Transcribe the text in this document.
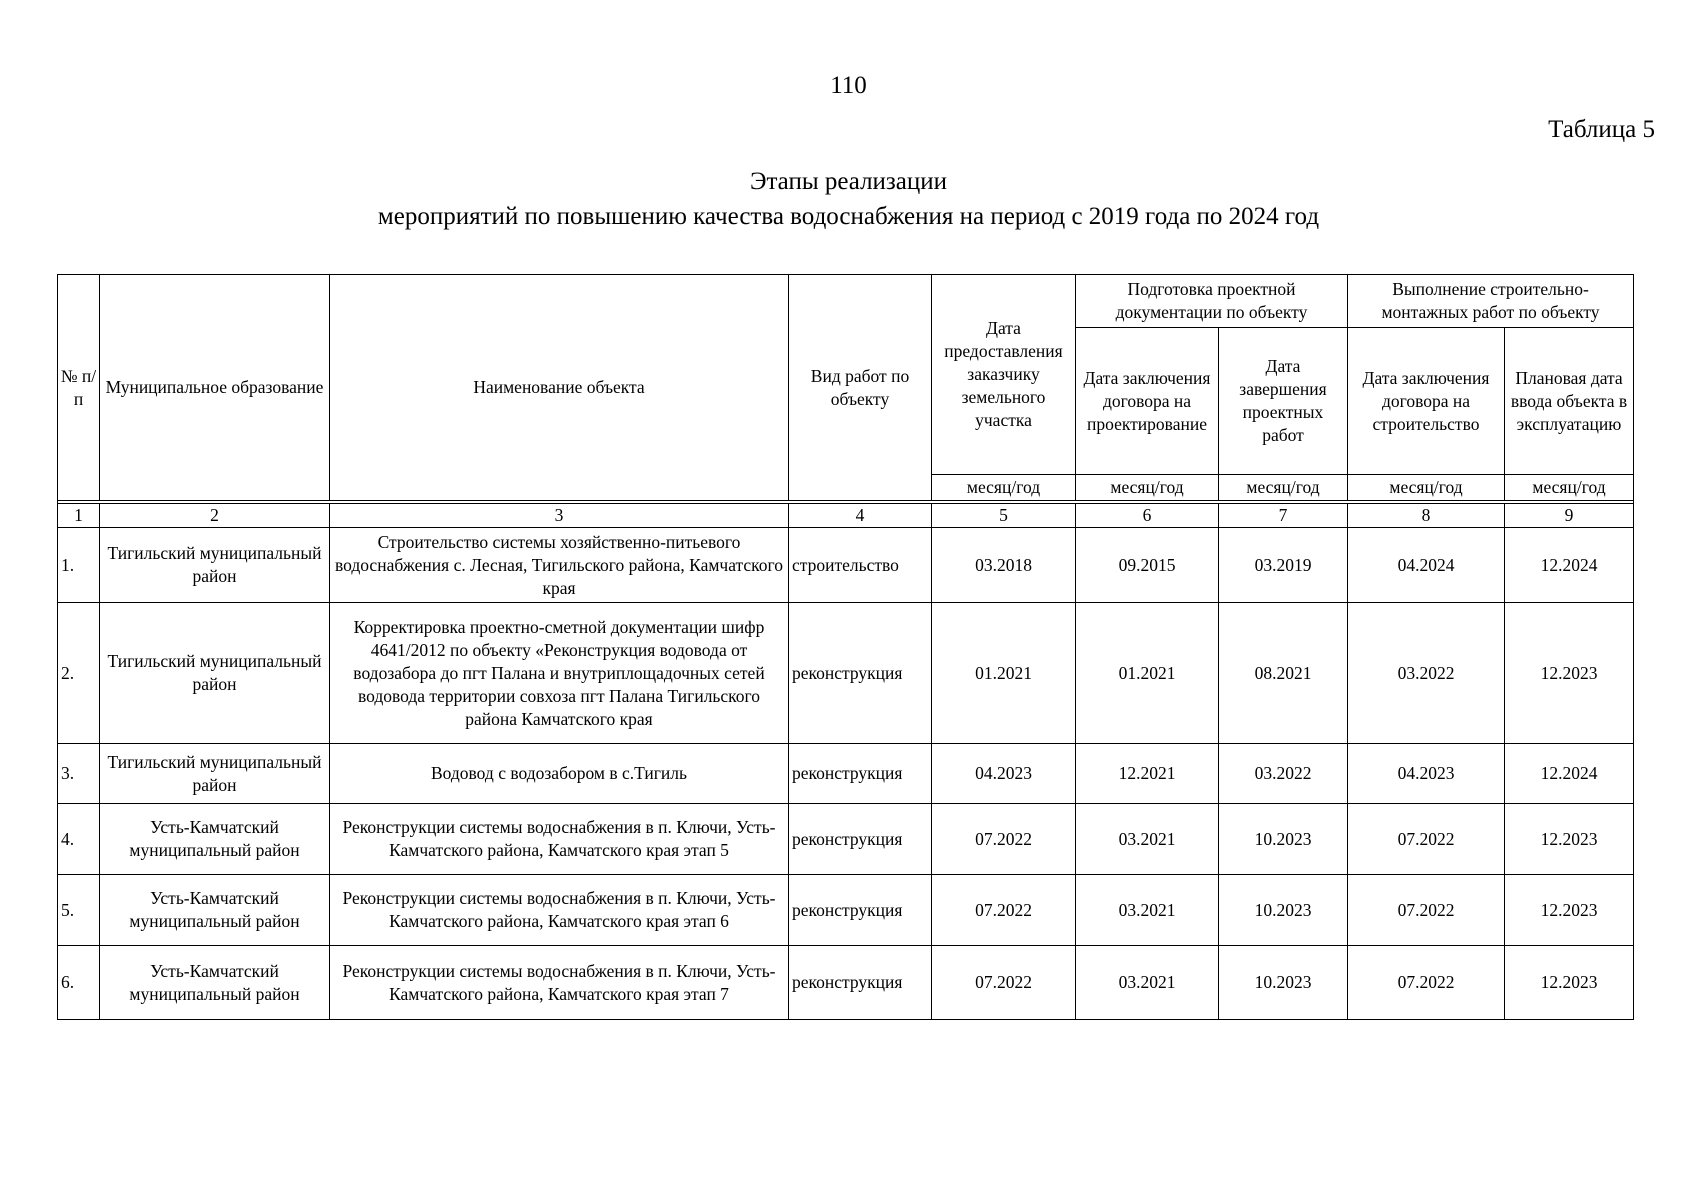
110
Таблица 5
Этапы реализации
мероприятий по повышению качества водоснабжения на период с 2019 года по 2024 год
№ п/п	Муниципальное образование	Наименование объекта	Вид работ по объекту	Дата предоставления заказчику земельного участка	Подготовка проектной документации по объекту		Выполнение строительно-монтажных работ по объекту	
					Дата заключения договора на проектирование	Дата завершения проектных работ	Дата заключения договора на строительство	Плановая дата ввода объекта в эксплуатацию
				месяц/год	месяц/год	месяц/год	месяц/год	месяц/год

1	2	3	4	5	6	7	8	9
1.	Тигильский муниципальный район	Строительство системы хозяйственно-питьевого водоснабжения с. Лесная, Тигильского района, Камчатского края	строительство	03.2018	09.2015	03.2019	04.2024	12.2024
2.	Тигильский муниципальный район	Корректировка проектно-сметной документации шифр 4641/2012 по объекту «Реконструкция водовода от водозабора до пгт Палана и внутриплощадочных сетей водовода территории совхоза пгт Палана Тигильского района Камчатского края	реконструкция	01.2021	01.2021	08.2021	03.2022	12.2023
3.	Тигильский муниципальный район	Водовод с водозабором в с.Тигиль	реконструкция	04.2023	12.2021	03.2022	04.2023	12.2024
4.	Усть-Камчатский муниципальный район	Реконструкции системы водоснабжения в п. Ключи, Усть-Камчатского района, Камчатского края этап 5	реконструкция	07.2022	03.2021	10.2023	07.2022	12.2023
5.	Усть-Камчатский муниципальный район	Реконструкции системы водоснабжения в п. Ключи, Усть-Камчатского района, Камчатского края этап 6	реконструкция	07.2022	03.2021	10.2023	07.2022	12.2023
6.	Усть-Камчатский муниципальный район	Реконструкции системы водоснабжения в п. Ключи, Усть-Камчатского района, Камчатского края этап 7	реконструкция	07.2022	03.2021	10.2023	07.2022	12.2023
